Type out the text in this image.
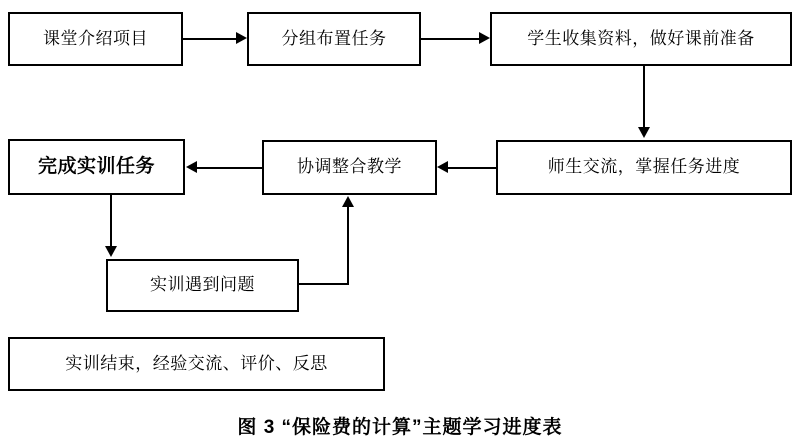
课堂介绍项目	分组布置任务	学生收集资料，做好课前准备
师生交流，掌握任务进度
协调整合教学
完成实训任务
实训遇到问题
实训结束，经验交流、评价、反思
图 3 “保险费的计算”主题学习进度表
